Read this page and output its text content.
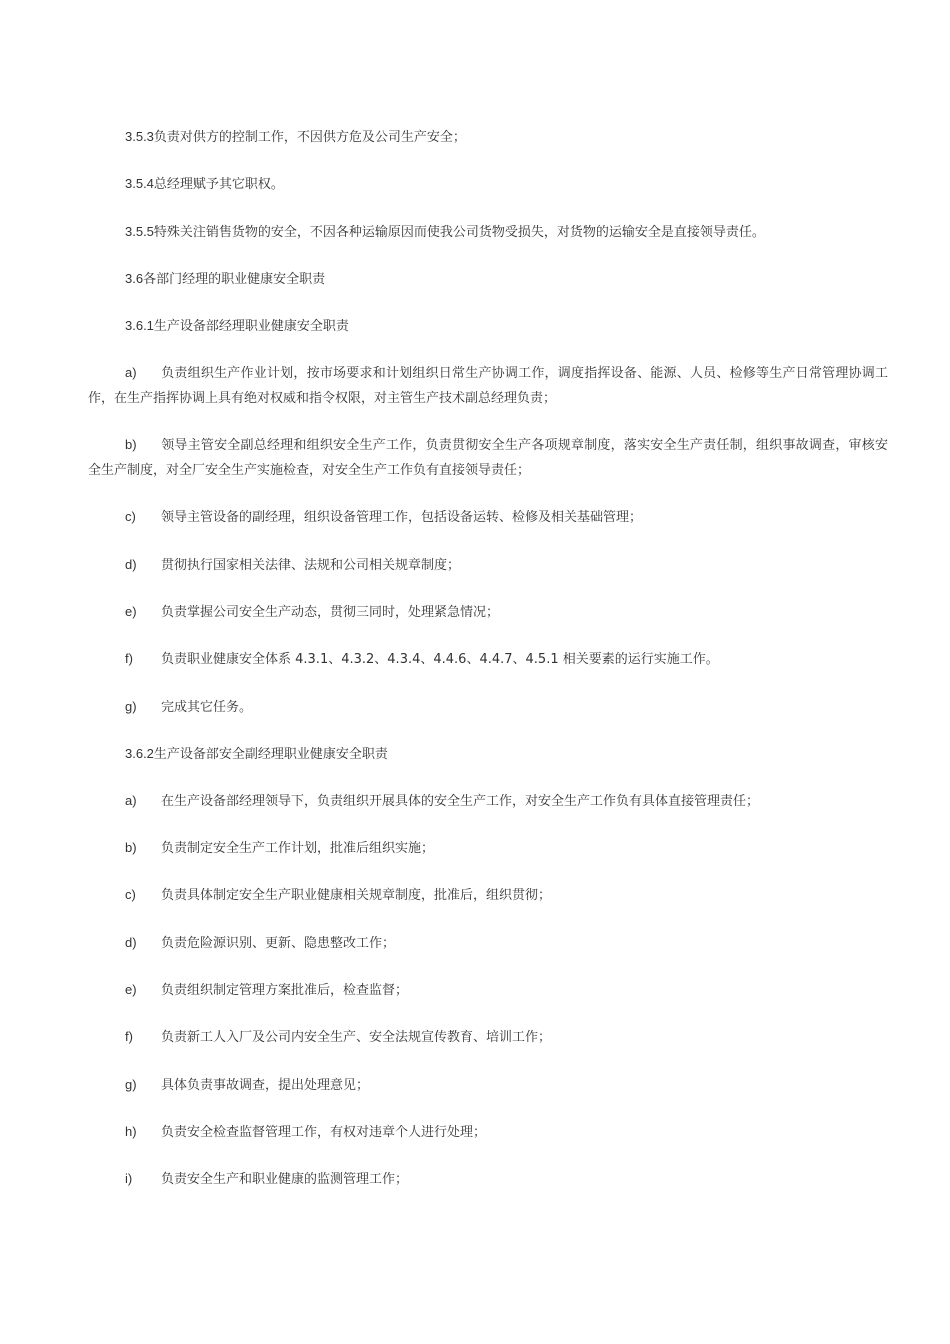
3.5.3负责对供方的控制工作，不因供方危及公司生产安全；
3.5.4总经理赋予其它职权。
3.5.5特殊关注销售货物的安全，不因各种运输原因而使我公司货物受损失，对货物的运输安全是直接领导责任。
3.6各部门经理的职业健康安全职责
3.6.1生产设备部经理职业健康安全职责
a) 负责组织生产作业计划，按市场要求和计划组织日常生产协调工作，调度指挥设备、能源、人员、检修等生产日常管理协调工作，在生产指挥协调上具有绝对权威和指令权限，对主管生产技术副总经理负责；
b) 领导主管安全副总经理和组织安全生产工作，负责贯彻安全生产各项规章制度，落实安全生产责任制，组织事故调查，审核安全生产制度，对全厂安全生产实施检查，对安全生产工作负有直接领导责任；
c) 领导主管设备的副经理，组织设备管理工作，包括设备运转、检修及相关基础管理；
d) 贯彻执行国家相关法律、法规和公司相关规章制度；
e) 负责掌握公司安全生产动态，贯彻三同时，处理紧急情况；
f) 负责职业健康安全体系 4.3.1、4.3.2、4.3.4、4.4.6、4.4.7、4.5.1 相关要素的运行实施工作。
g) 完成其它任务。
3.6.2生产设备部安全副经理职业健康安全职责
a) 在生产设备部经理领导下，负责组织开展具体的安全生产工作，对安全生产工作负有具体直接管理责任；
b) 负责制定安全生产工作计划，批准后组织实施；
c) 负责具体制定安全生产职业健康相关规章制度，批准后，组织贯彻；
d) 负责危险源识别、更新、隐患整改工作；
e) 负责组织制定管理方案批准后，检查监督；
f) 负责新工人入厂及公司内安全生产、安全法规宣传教育、培训工作；
g) 具体负责事故调查，提出处理意见；
h) 负责安全检查监督管理工作，有权对违章个人进行处理；
i) 负责安全生产和职业健康的监测管理工作；
